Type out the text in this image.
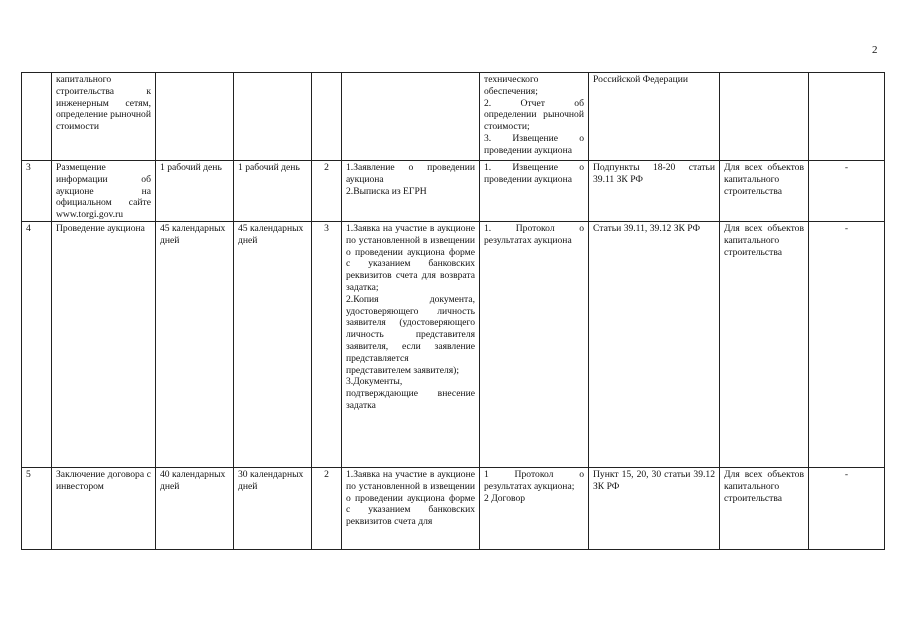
2

	капитального строительства к инженерным сетям, определение рыночной стоимости					технического обеспечения;
2. Отчет об определении рыночной стоимости;
3. Извещение о проведении аукциона	Российской Федерации		
3	Размещение информации об аукционе на официальном сайте www.torgi.gov.ru	1 рабочий день	1 рабочий день	2	1.Заявление о проведении аукциона
2.Выписка из ЕГРН	1. Извещение о проведении аукциона	Подпункты 18-20 статьи 39.11 ЗК РФ	Для всех объектов капитального строительства	-
4	Проведение аукциона	45 календарных дней	45 календарных дней	3	1.Заявка на участие в аукционе по установленной в извещении о проведении аукциона форме с указанием банковских реквизитов счета для возврата задатка;
2.Копия документа, удостоверяющего личность заявителя (удостоверяющего личность представителя заявителя, если заявление представляется представителем заявителя);
3.Документы, подтверждающие внесение задатка	1. Протокол о результатах аукциона	Статьи 39.11, 39.12 ЗК РФ	Для всех объектов капитального строительства	-
5	Заключение договора с инвестором	40 календарных дней	30 календарных дней	2	1.Заявка на участие в аукционе по установленной в извещении о проведении аукциона форме с указанием банковских реквизитов счета для	1 Протокол о результатах аукциона;
2 Договор	Пункт 15, 20, 30 статьи 39.12 ЗК РФ	Для всех объектов капитального строительства	-
